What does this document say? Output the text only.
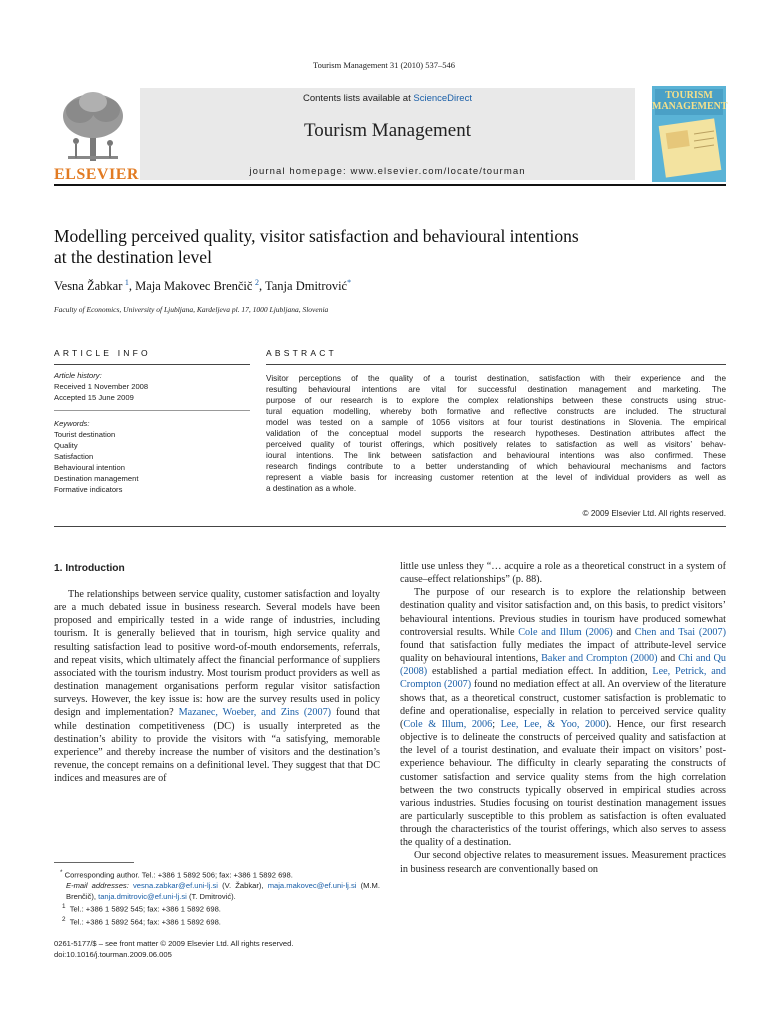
Tourism Management 31 (2010) 537–546
ELSEVIER
Contents lists available at ScienceDirect
Tourism Management
journal homepage: www.elsevier.com/locate/tourman
TOURISM
MANAGEMENT
Modelling perceived quality, visitor satisfaction and behavioural intentions
at the destination level
Vesna Žabkar  $^1$, Maja Makovec Brenčič  $^2$, Tanja Dmitrović*
Faculty of Economics, University of Ljubljana, Kardeljeva pl. 17, 1000 Ljubljana, Slovenia
ARTICLE INFO
Article history:
Received 1 November 2008
Accepted 15 June 2009
Keywords:
Tourist destination
Quality
Satisfaction
Behavioural intention
Destination management
Formative indicators
ABSTRACT
Visitor perceptions of the quality of a tourist destination, satisfaction with their experience and the
resulting behavioural intentions are vital for successful destination management and marketing. The
purpose of our research is to explore the complex relationships between these constructs using struc-
tural equation modelling, whereby both formative and reflective constructs are included. The structural
model was tested on a sample of 1056 visitors at four tourist destinations in Slovenia. The empirical
validation of the conceptual model supports the research hypotheses. Destination attributes affect the
perceived quality of tourist offerings, which positively relates to satisfaction as well as visitors’ behav-
ioural intentions. The link between satisfaction and behavioural intentions was also confirmed. These
research findings contribute to a better understanding of which behavioural mechanisms and factors
represent a viable basis for increasing customer retention at the level of individual providers as well as
a destination as a whole.
© 2009 Elsevier Ltd. All rights reserved.
1. Introduction

The relationships between service quality, customer satisfaction and loyalty are a much debated issue in business research. Several models have been proposed and empirically tested in a wide range of industries, including tourism. It is generally believed that in tourism, high service quality and resulting satisfaction lead to positive word-of-mouth endorsements, referrals, and repeat visits, which ultimately affect the financial performance of suppliers associated with the tourism industry. Most tourism product providers as well as destination management organisations perform regular visitor satisfaction surveys. However, the key issue is: how are the survey results used in policy design and implementation? Mazanec, Woeber, and Zins (2007) found that while destination competitiveness (DC) is usually interpreted as the destination’s ability to provide the visitors with “a satisfying, memorable experience” and thereby increase the number of visitors and the destination’s revenue, the concept remains on a definitional level. They suggest that that DC indices and measures are of

* Corresponding author. Tel.: +386 1 5892 506; fax: +386 1 5892 698.
E-mail addresses: vesna.zabkar@ef.uni-lj.si (V. Žabkar), maja.makovec@ef.uni-lj.si (M.M. Brenčič), tanja.dmitrovic@ef.uni-lj.si (T. Dmitrović).
$^1$ Tel.: +386 1 5892 545; fax: +386 1 5892 698.
$^2$ Tel.: +386 1 5892 564; fax: +386 1 5892 698.
0261-5177/$ – see front matter © 2009 Elsevier Ltd. All rights reserved.
doi:10.1016/j.tourman.2009.06.005

little use unless they “… acquire a role as a theoretical construct in a system of cause–effect relationships” (p. 88).

The purpose of our research is to explore the relationship between destination quality and visitor satisfaction and, on this basis, to predict visitors’ behavioural intentions. Previous studies in tourism have produced somewhat controversial results. While Cole and Illum (2006) and Chen and Tsai (2007) found that satisfaction fully mediates the impact of attribute-level service quality on behavioural intentions, Baker and Crompton (2000) and Chi and Qu (2008) established a partial mediation effect. In addition, Lee, Petrick, and Crompton (2007) found no mediation effect at all. An overview of the literature shows that, as a theoretical construct, customer satisfaction is problematic to define and operationalise, especially in relation to perceived service quality (Cole & Illum, 2006; Lee, Lee, & Yoo, 2000). Hence, our first research objective is to delineate the constructs of perceived quality and satisfaction at the level of a tourist destination, and evaluate their impact on visitors’ post-experience behaviour. The difficulty in clearly separating the constructs of customer satisfaction and service quality stems from the high correlation between the two constructs typically observed in empirical studies across various industries. Studies focusing on tourist destination management issues are particularly susceptible to this problem as satisfaction is often evaluated through the characteristics of the tourist offerings, which also serves to assess the quality of a destination.

Our second objective relates to measurement issues. Measurement practices in business research are conventionally based on
